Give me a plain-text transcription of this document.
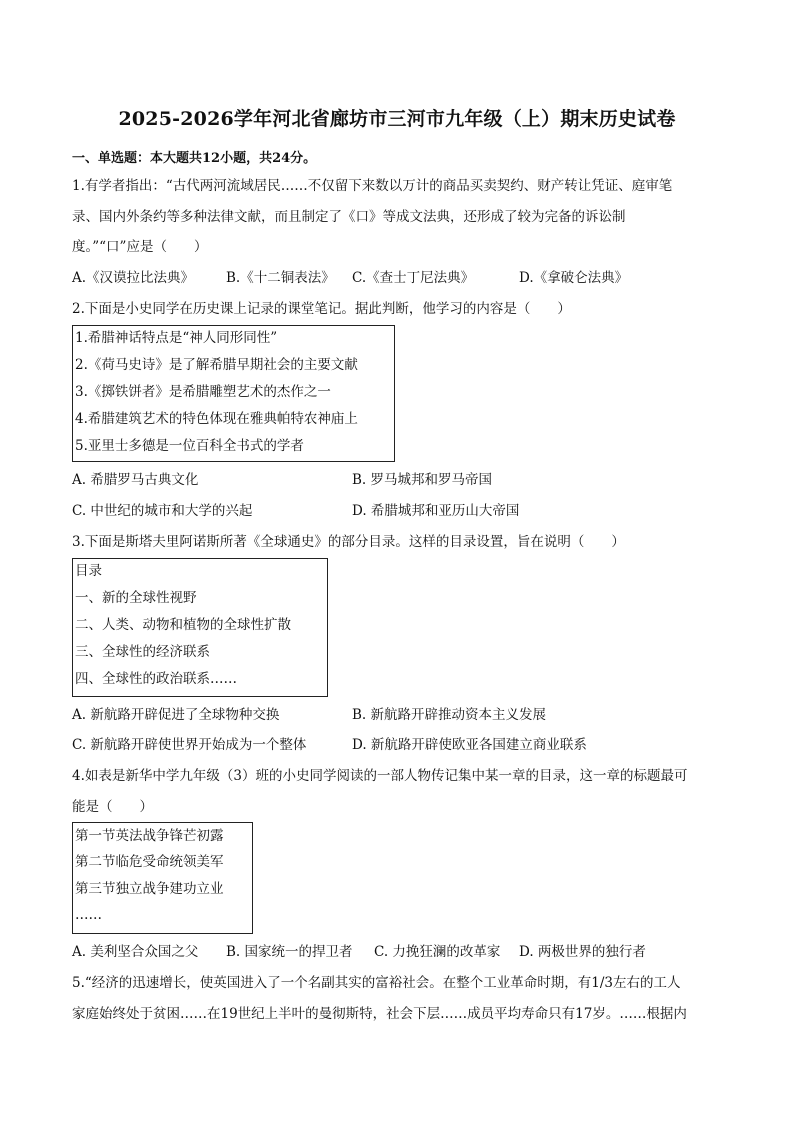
2025-2026学年河北省廊坊市三河市九年级（上）期末历史试卷
一、单选题：本大题共12小题，共24分。
1.有学者指出：“古代两河流域居民……不仅留下来数以万计的商品买卖契约、财产转让凭证、庭审笔
录、国内外条约等多种法律文献，而且制定了《口》等成文法典，还形成了较为完备的诉讼制
度。”“口”应是（　　）
A.《汉谟拉比法典》 B.《十二铜表法》 C.《查士丁尼法典》	D.《拿破仑法典》
2.下面是小史同学在历史课上记录的课堂笔记。据此判断，他学习的内容是（　　）
1.希腊神话特点是“神人同形同性”
2.《荷马史诗》是了解希腊早期社会的主要文献
3.《掷铁饼者》是希腊雕塑艺术的杰作之一
4.希腊建筑艺术的特色体现在雅典帕特农神庙上
5.亚里士多德是一位百科全书式的学者
A. 希腊罗马古典文化	B. 罗马城邦和罗马帝国
C. 中世纪的城市和大学的兴起	D. 希腊城邦和亚历山大帝国
3.下面是斯塔夫里阿诺斯所著《全球通史》的部分目录。这样的目录设置，旨在说明（　　）
目录
一、新的全球性视野
二、人类、动物和植物的全球性扩散
三、全球性的经济联系
四、全球性的政治联系……
A. 新航路开辟促进了全球物种交换	B. 新航路开辟推动资本主义发展
C. 新航路开辟使世界开始成为一个整体	D. 新航路开辟使欧亚各国建立商业联系
4.如表是新华中学九年级（3）班的小史同学阅读的一部人物传记集中某一章的目录，这一章的标题最可
能是（　　）
第一节英法战争锋芒初露
第二节临危受命统领美军
第三节独立战争建功立业
……
A. 美利坚合众国之父 B. 国家统一的捍卫者 C. 力挽狂澜的改革家 D. 两极世界的独行者
5.“经济的迅速增长，使英国进入了一个名副其实的富裕社会。在整个工业革命时期，有1/3左右的工人
家庭始终处于贫困……在19世纪上半叶的曼彻斯特，社会下层……成员平均寿命只有17岁。……根据内
